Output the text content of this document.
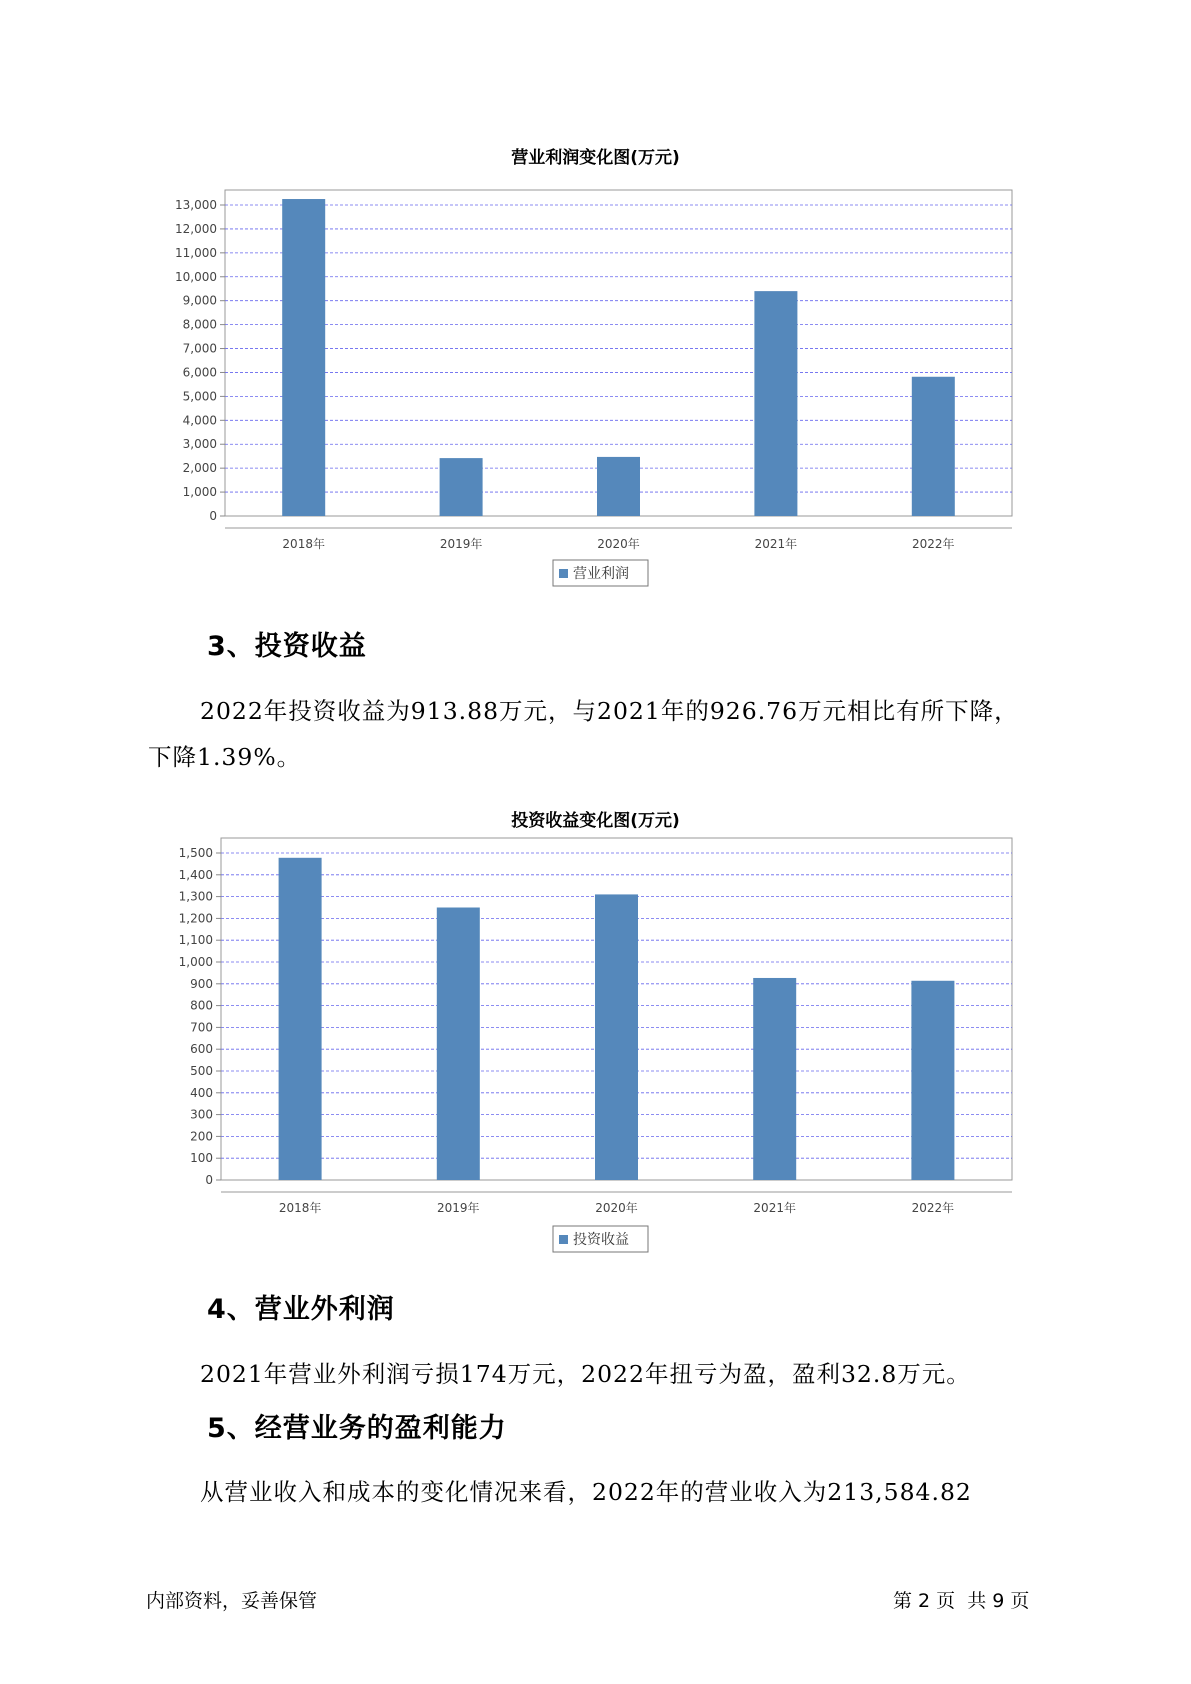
营业利润变化图(万元)
0
1,000
2,000
3,000
4,000
5,000
6,000
7,000
8,000
9,000
10,000
11,000
12,000
13,000
2018年	2019年	2020年	2021年	2022年
营业利润
3、投资收益
2022年投资收益为913.88万元，与2021年的926.76万元相比有所下降，
下降1.39%。
投资收益变化图(万元)
0
100
200
300
400
500
600
700
800
900
1,000
1,100
1,200
1,300
1,400
1,500
2018年	2019年	2020年	2021年	2022年
投资收益
4、营业外利润
2021年营业外利润亏损174万元，2022年扭亏为盈，盈利32.8万元。
5、经营业务的盈利能力
从营业收入和成本的变化情况来看，2022年的营业收入为213,584.82
内部资料，妥善保管	第 2 页  共 9 页
